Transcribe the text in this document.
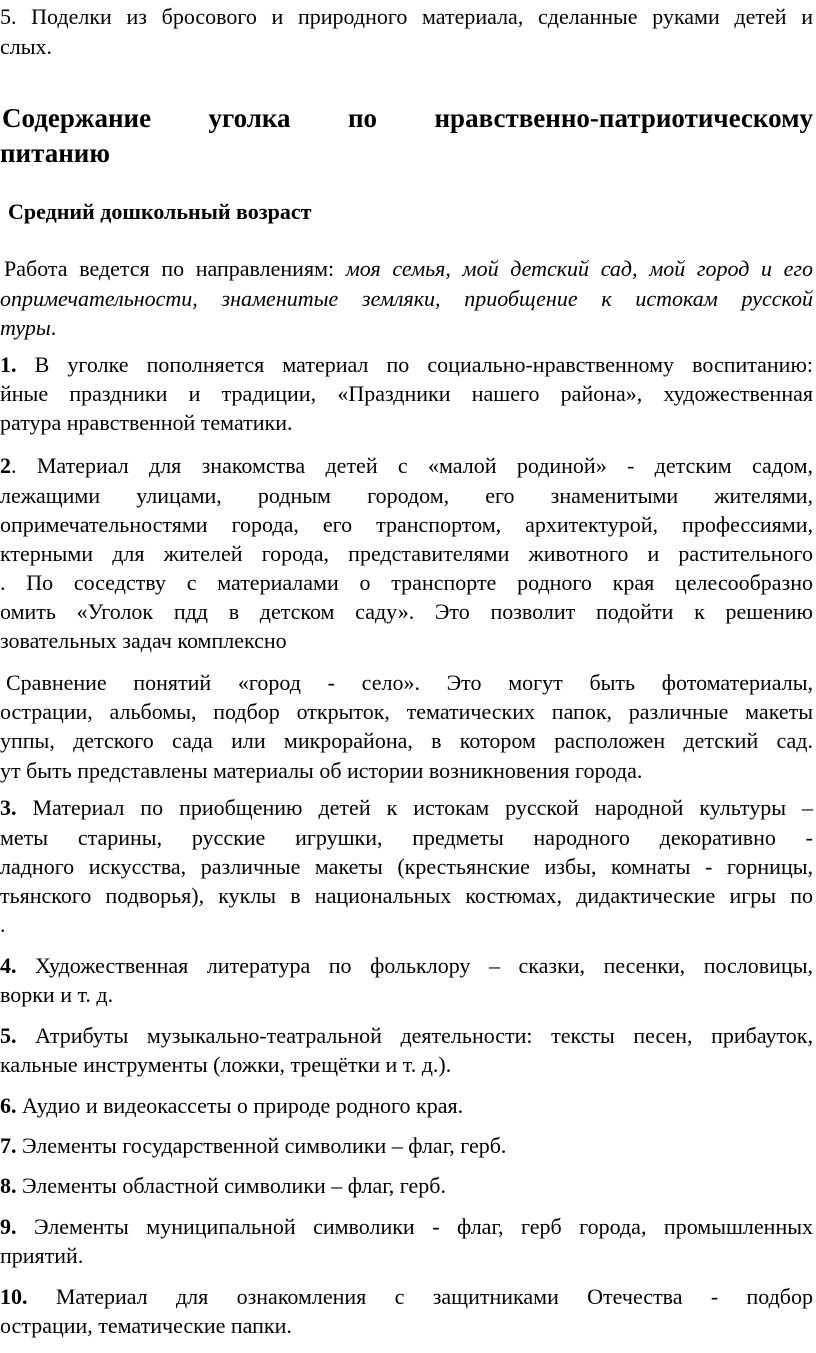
5. Поделки из бросового и природного материала, сделанные руками детей и
слых.
Содержание уголка по нравственно-патриотическому
питанию
Средний дошкольный возраст
Работа ведется по направлениям: моя семья, мой детский сад, мой город и его
опримечательности, знаменитые земляки, приобщение к истокам русской
туры.
1. В уголке пополняется материал по социально-нравственному воспитанию:
йные праздники и традиции, «Праздники нашего района», художественная
ратура нравственной тематики.
2. Материал для знакомства детей с «малой родиной» - детским садом,
лежащими улицами, родным городом, его знаменитыми жителями,
опримечательностями города, его транспортом, архитектурой, профессиями,
ктерными для жителей города, представителями животного и растительного
. По соседству с материалами о транспорте родного края целесообразно
омить «Уголок пдд в детском саду». Это позволит подойти к решению
зовательных задач комплексно
Сравнение понятий «город - село». Это могут быть фотоматериалы,
острации, альбомы, подбор открыток, тематических папок, различные макеты
уппы, детского сада или микрорайона, в котором расположен детский сад.
ут быть представлены материалы об истории возникновения города.
3. Материал по приобщению детей к истокам русской народной культуры –
меты старины, русские игрушки, предметы народного декоративно -
ладного искусства, различные макеты (крестьянские избы, комнаты - горницы,
тьянского подворья), куклы в национальных костюмах, дидактические игры по
.
4. Художественная литература по фольклору – сказки, песенки, пословицы,
ворки и т. д.
5. Атрибуты музыкально-театральной деятельности: тексты песен, прибауток,
кальные инструменты (ложки, трещётки и т. д.).
6. Аудио и видеокассеты о природе родного края.
7. Элементы государственной символики – флаг, герб.
8. Элементы областной символики – флаг, герб.
9. Элементы муниципальной символики - флаг, герб города, промышленных
приятий.
10. Материал для ознакомления с защитниками Отечества - подбор
острации, тематические папки.
